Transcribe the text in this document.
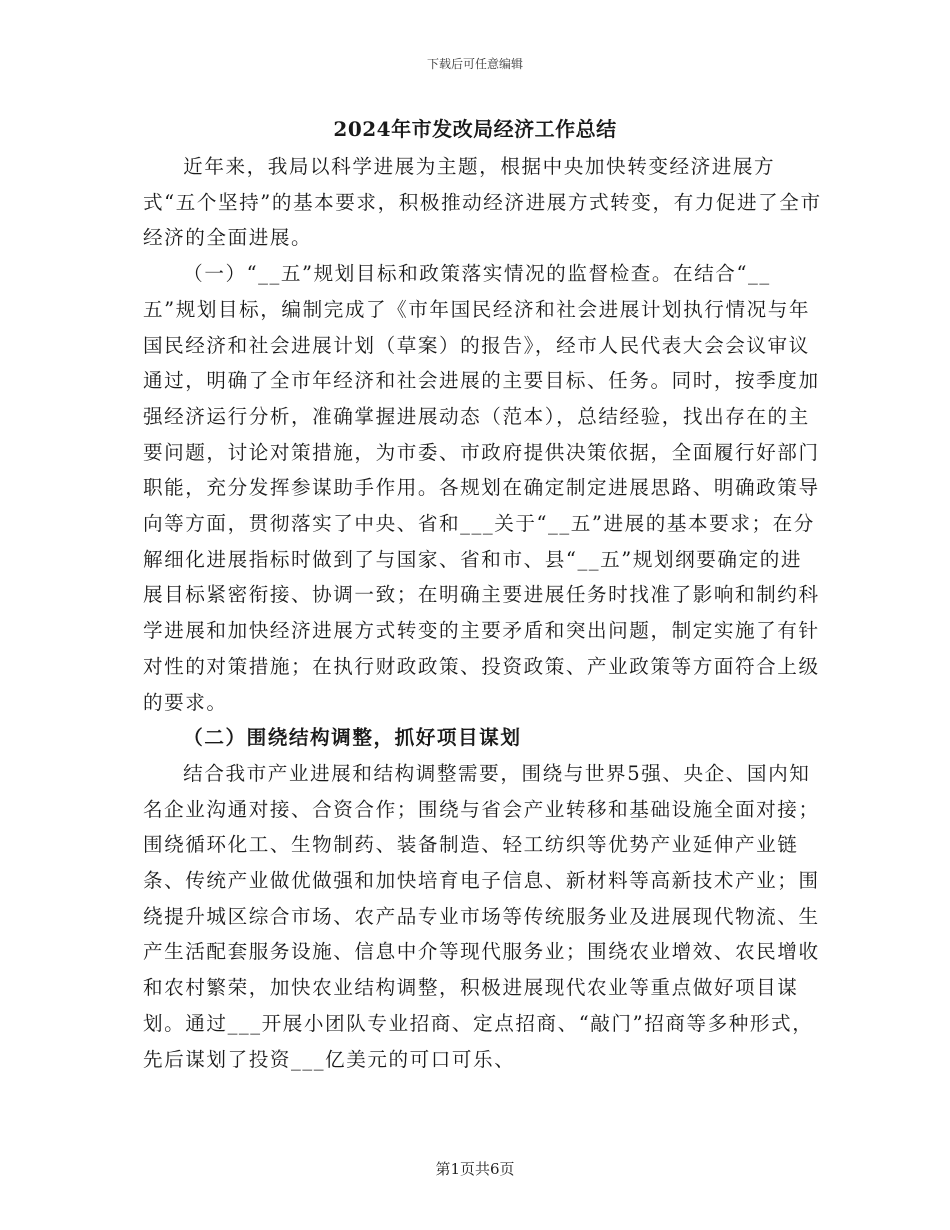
下载后可任意编辑
2024年市发改局经济工作总结

近年来，我局以科学进展为主题，根据中央加快转变经济进展方式“五个坚持”的基本要求，积极推动经济进展方式转变，有力促进了全市经济的全面进展。

（一）“__五”规划目标和政策落实情况的监督检查。在结合“__五”规划目标，编制完成了《市年国民经济和社会进展计划执行情况与年国民经济和社会进展计划（草案）的报告》，经市人民代表大会会议审议通过，明确了全市年经济和社会进展的主要目标、任务。同时，按季度加强经济运行分析，准确掌握进展动态（范本），总结经验，找出存在的主要问题，讨论对策措施，为市委、市政府提供决策依据，全面履行好部门职能，充分发挥参谋助手作用。各规划在确定制定进展思路、明确政策导向等方面，贯彻落实了中央、省和___关于“__五”进展的基本要求；在分解细化进展指标时做到了与国家、省和市、县“__五”规划纲要确定的进展目标紧密衔接、协调一致；在明确主要进展任务时找准了影响和制约科学进展和加快经济进展方式转变的主要矛盾和突出问题，制定实施了有针对性的对策措施；在执行财政政策、投资政策、产业政策等方面符合上级的要求。

（二）围绕结构调整，抓好项目谋划

结合我市产业进展和结构调整需要，围绕与世界5强、央企、国内知名企业沟通对接、合资合作；围绕与省会产业转移和基础设施全面对接；围绕循环化工、生物制药、装备制造、轻工纺织等优势产业延伸产业链条、传统产业做优做强和加快培育电子信息、新材料等高新技术产业；围绕提升城区综合市场、农产品专业市场等传统服务业及进展现代物流、生产生活配套服务设施、信息中介等现代服务业；围绕农业增效、农民增收和农村繁荣，加快农业结构调整，积极进展现代农业等重点做好项目谋划。通过___开展小团队专业招商、定点招商、“敲门”招商等多种形式，先后谋划了投资___亿美元的可口可乐、

第1页共6页
